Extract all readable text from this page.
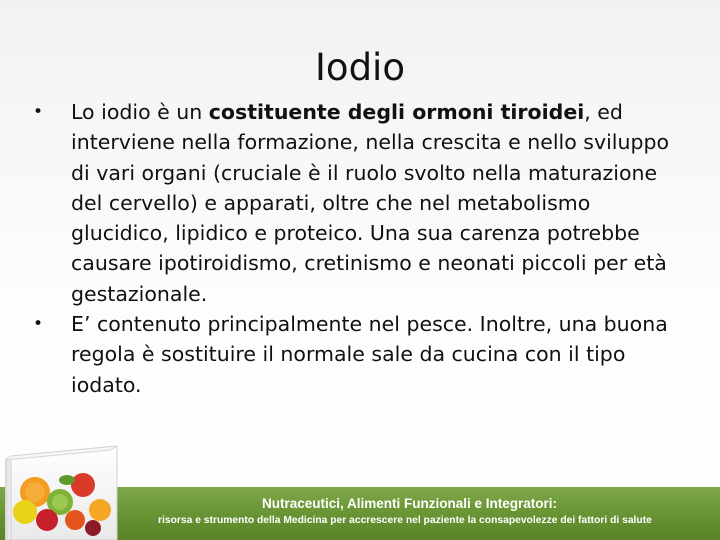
Iodio

• Lo iodio è un costituente degli ormoni tiroidei, ed interviene nella formazione, nella crescita e nello sviluppo di vari organi (cruciale è il ruolo svolto nella maturazione del cervello) e apparati, oltre che nel metabolismo glucidico, lipidico e proteico. Una sua carenza potrebbe causare ipotiroidismo, cretinismo e neonati piccoli per età gestazionale.

• E’ contenuto principalmente nel pesce. Inoltre, una buona regola è sostituire il normale sale da cucina con il tipo iodato.

Nutraceutici, Alimenti Funzionali e Integratori:
risorsa e strumento della Medicina per accrescere nel paziente la consapevolezze dei fattori di salute
